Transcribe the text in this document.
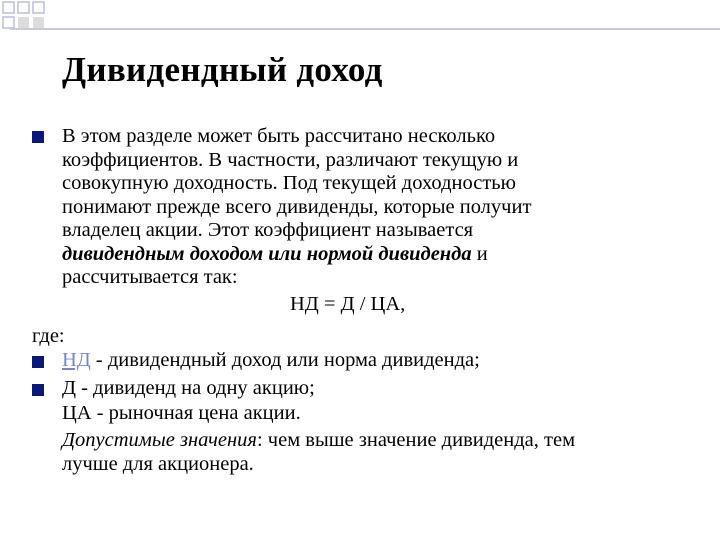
Дивидендный доход
В этом разделе может быть рассчитано несколько
коэффициентов. В частности, различают текущую и
совокупную доходность. Под текущей доходностью
понимают прежде всего дивиденды, которые получит
владелец акции. Этот коэффициент называется
дивидендным доходом или нормой дивиденда и
рассчитывается так:
НД = Д / ЦА,
где:
НД - дивидендный доход или норма дивиденда;
Д - дивиденд на одну акцию;
ЦА - рыночная цена акции.
Допустимые значения: чем выше значение дивиденда, тем
лучше для акционера.
